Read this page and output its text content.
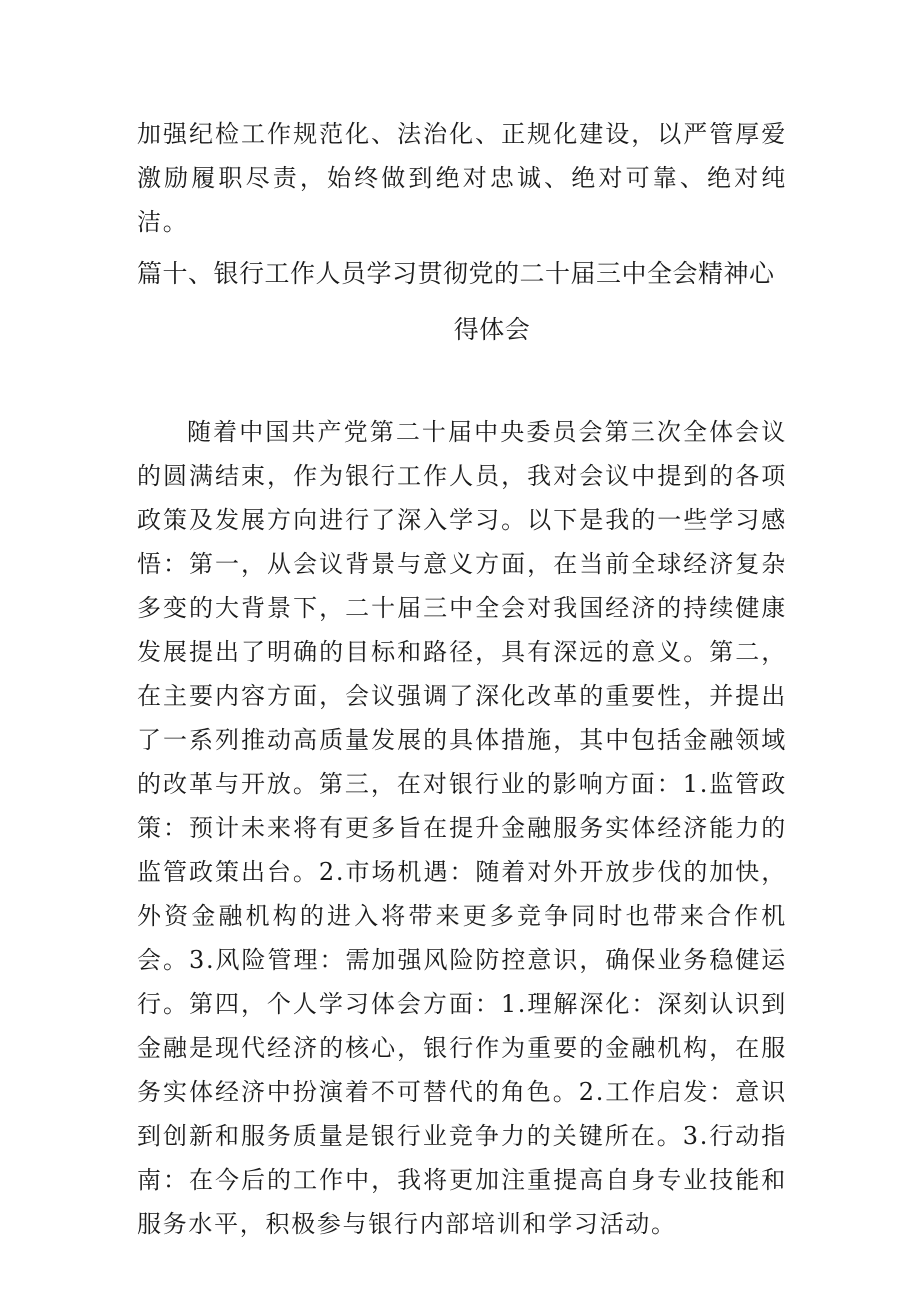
加强纪检工作规范化、法治化、正规化建设，以严管厚爱激励履职尽责，始终做到绝对忠诚、绝对可靠、绝对纯洁。

篇十、银行工作人员学习贯彻党的二十届三中全会精神心
得体会

随着中国共产党第二十届中央委员会第三次全体会议的圆满结束，作为银行工作人员，我对会议中提到的各项政策及发展方向进行了深入学习。以下是我的一些学习感悟：第一，从会议背景与意义方面，在当前全球经济复杂多变的大背景下，二十届三中全会对我国经济的持续健康发展提出了明确的目标和路径，具有深远的意义。第二，在主要内容方面，会议强调了深化改革的重要性，并提出了一系列推动高质量发展的具体措施，其中包括金融领域的改革与开放。第三，在对银行业的影响方面：1.监管政策：预计未来将有更多旨在提升金融服务实体经济能力的监管政策出台。2.市场机遇：随着对外开放步伐的加快，外资金融机构的进入将带来更多竞争同时也带来合作机会。3.风险管理：需加强风险防控意识，确保业务稳健运行。第四，个人学习体会方面：1.理解深化：深刻认识到金融是现代经济的核心，银行作为重要的金融机构，在服务实体经济中扮演着不可替代的角色。2.工作启发：意识到创新和服务质量是银行业竞争力的关键所在。3.行动指南：在今后的工作中，我将更加注重提高自身专业技能和服务水平，积极参与银行内部培训和学习活动。
